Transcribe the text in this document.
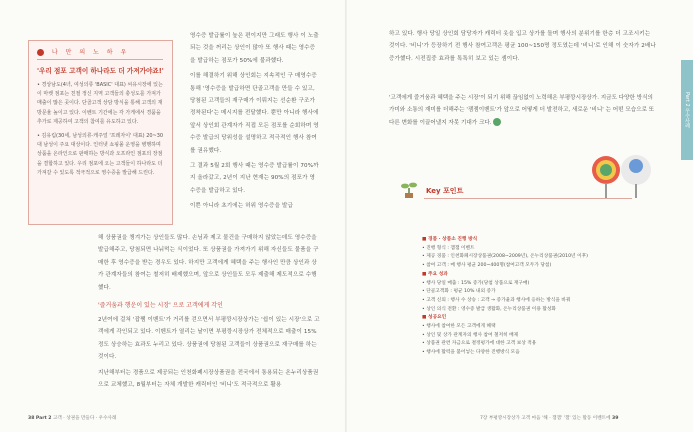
나 만 의 노 하 우
'우리 점포 고객이 하나라도 더 가져가야죠!'

• 경상남도(4녀, 여성의류 'BASIC' 대표) 씨유시장에 있는 이 마켓 점포는 친절 정신 지역 고객들의 충성도를 가져가 매출이 많은 곳이다. 단골고객 상담 방식을 통해 고객의 재방문율 높이고 있다. 이벤트 기간에는 각 가게에서 경품을 추가로 제공하여 고객의 참여를 유도하고 있다.

• 김유림(30세, 남성의류·캐주얼 '프레자이' 대표) 20~30대 남성이 주요 대상이다. 인터넷 쇼핑몰 운영을 병행하며 상품을 온라인으로 판매하는 방식과 오프라인 점포의 장점을 결합하고 있다. 우리 점포에 오는 고객들이 하나라도 더 가져갈 수 있도록 적극적으로 영수증을 발급해 드린다.

영수증 발급률이 높은 편이지만 그래도 행사 이 노출되는 것을 꺼리는 상인이 많아 또 행사 때는 영수증을 발급하는 점포가 50%에 불과했다.

이를 해결하기 위해 상인회는 지속적인 구 매영수증 통해 '영수증을 발급하면 단골고객을 만들 수 있고, 당첨된 고객들의 재구매가 이뤄지는 선순환 구조가 정착된다'는 메시지를 전달했다. 뿐만 아니라 행사에 앞서 상인회 관계자가 직접 모든 점포를 순회하며 영수증 발급의 당위성을 설명하고 적극적인 행사 참여를 권유했다.

그 결과 5월 2회 행사 때는 영수증 발급률이 70%까지 올라갔고, 2년이 지난 현재는 90%의 점포가 영수증을 발급하고 있다.

이쁜 아니라 초기에는 허위 영수증을 발급

해 상품권을 챙겨가는 상인들도 많다. 손님과 제고 물건을 구매하지 않았는데도 영수증을 발급해주고, 당첨되면 나눠먹는 식이었다. 또 상품권을 가져가기 위해 자신들도 물품을 구매한 후 영수증을 받는 경우도 있다. 하지만 고객에게 혜택을 주는 행사인 만큼 상인과 상가 관계자들의 참여는 철저히 배제했으며, 앞으로 상인들도 모두 제출해 제도적으로 수행했다.

'즐거움과 행운이 있는 시장' 으로 고객에게 각인

2년여에 걸쳐 '잡쨈 이벤트'가 거리를 걷으면서 부평깡시장상가는 '쉽이 있는 시장'으로 고객에게 각인되고 있다. 이벤트가 열리는 날이면 부평깡시장상가 전체적으로 매출이 15% 정도 상승하는 효과도 누리고 있다. 상품권에 당첨된 고객들이 상품권으로 재구매를 하는 것이다.

지난해부터는 경품으로 제공되는 인천화폐시장상품권을 전국에서 통용되는 온누리상품권으로 교체했고, 8월부터는 자체 개발한 캐릭터인 '비니'도 적극적으로 활용

38 Part 2 고객 · 상권을 만들다 · 우수사례

하고 있다. 행사 당일 상인회 담당자가 캐릭터 옷을 입고 상가를 돌며 행사의 분위기를 한층 더 고조시키는 것이다. '비니'가 등장하기 전 행사 참여고객은 평균 100~150명 정도였는데 '비니'로 인해 이 숫자가 2배나 증가했다. 시전집중 효과를 톡톡히 보고 있는 셈이다.

'고객에게 즐거움과 혜택을 주는 시장'이 되기 위해 끊임없이 노력해온 부평깡시장상가. 지금도 다양한 방식의 가미와 소통의 재미를 더해주는 '잼잼이벤트'가 앞으로 어떻게 더 발전하고, 새로운 '비니' 는 어떤 모습으로 또다른 변화를 이끌어낼지 자못 기대가 크다.	Part 2 우수사례
Key 포인트
■ 경품 · 상품소 진행 방식
• 진행 형식 : 잼잼 이벤트
• 제공 경품 : 인천화폐시장상품권(2008~2009년), 온누리상품권(2010년 이후)
• 참여 고객 : 매 행사 평균 200~400명(참여고객 모두가 당첨)
■ 주요 성과
• 행사 당일 매출 : 15% 증가(당첨 상품으로 재구매)
• 단골고객화 : 평균 10% 내외 증가
• 고객 신뢰 : 행사 수 상승 : 고객 → 증가율과 행사에 응하는 방식을 바꿔
• 상인 의식 전환 : 영수증 발급 생활화, 온누리상품권 이용 활성화
■ 성공요인
• 행사에 참여한 모든 고객에게 혜택
• 상인 및 상가 관계자의 행사 참여 철저히 배제
• 상품권 관련 자금으로 결정평가에 대한 고객 보상 적용
• 행사에 활력을 불어넣는 다양한 진행방식 모음
7장 부평깡시장상가 고객 마음 '해 · 잼잼' '잼' 있는 활동 이벤트에 39
